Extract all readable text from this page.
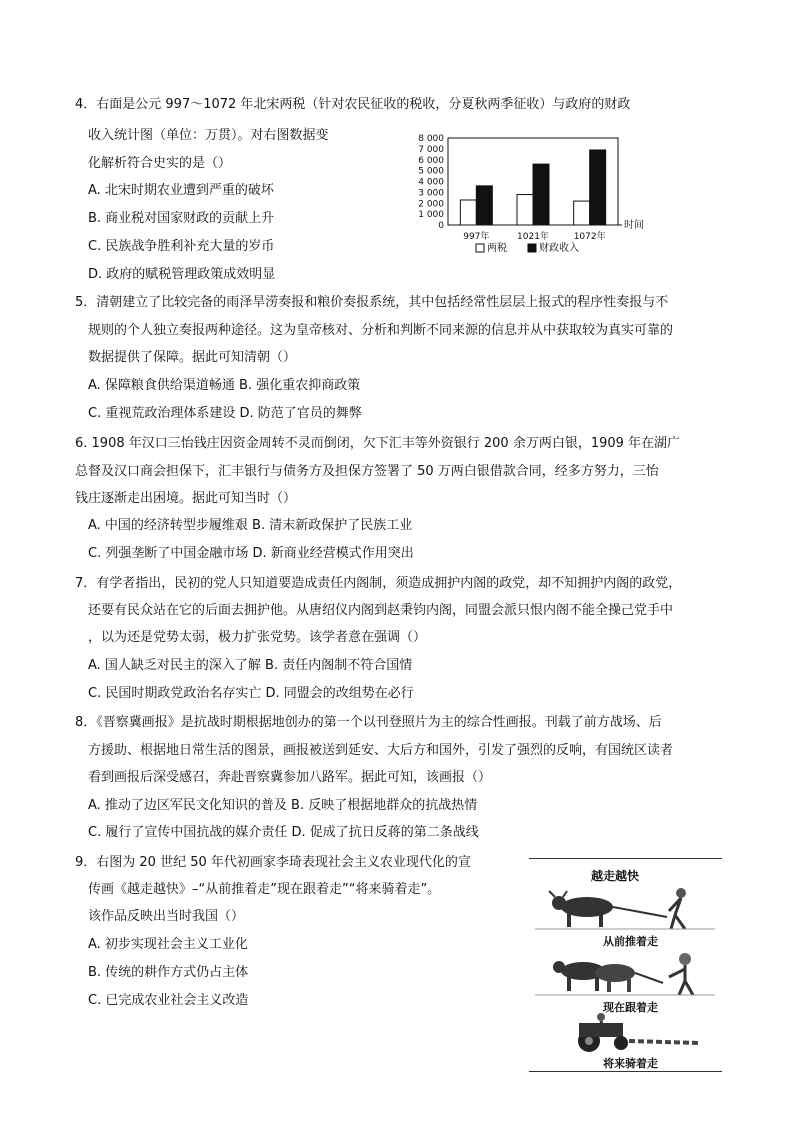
4．右面是公元 997～1072 年北宋两税（针对农民征收的税收，分夏秋两季征收）与政府的财政
收入统计图（单位：万贯）。对右图数据变
化解析符合史实的是（）
A. 北宋时期农业遭到严重的破坏
B. 商业税对国家财政的贡献上升
C. 民族战争胜利补充大量的岁币
D. 政府的赋税管理政策成效明显
8 000
7 000
6 000
5 000
4 000
3 000
2 000
1 000
0	时间
997年	1021年	1072年
两税	财政收入
5．清朝建立了比较完备的雨泽旱涝奏报和粮价奏报系统，其中包括经常性层层上报式的程序性奏报与不
规则的个人独立奏报两种途径。这为皇帝核对、分析和判断不同来源的信息并从中获取较为真实可靠的
数据提供了保障。据此可知清朝（）
A. 保障粮食供给渠道畅通 B. 强化重农抑商政策
C. 重视荒政治理体系建设 D. 防范了官员的舞弊
6. 1908 年汉口三怡钱庄因资金周转不灵而倒闭，欠下汇丰等外资银行 200 余万两白银，1909 年在湖广
总督及汉口商会担保下，汇丰银行与债务方及担保方签署了 50 万两白银借款合同，经多方努力，三怡
钱庄逐渐走出困境。据此可知当时（）
A. 中国的经济转型步履维艰 B. 清末新政保护了民族工业
C. 列强垄断了中国金融市场 D. 新商业经营模式作用突出
7．有学者指出，民初的党人只知道要造成责任内阁制，须造成拥护内阁的政党，却不知拥护内阁的政党，
还要有民众站在它的后面去拥护他。从唐绍仪内阁到赵秉钧内阁，同盟会派只恨内阁不能全操己党手中
，以为还是党势太弱，极力扩张党势。该学者意在强调（）
A. 国人缺乏对民主的深入了解 B. 责任内阁制不符合国情
C. 民国时期政党政治名存实亡 D. 同盟会的改组势在必行
8．《晋察冀画报》是抗战时期根据地创办的第一个以刊登照片为主的综合性画报。刊载了前方战场、后
方援助、根据地日常生活的图景，画报被送到延安、大后方和国外，引发了强烈的反响，有国统区读者
看到画报后深受感召，奔赴晋察冀参加八路军。据此可知，该画报（）
A. 推动了边区军民文化知识的普及 B. 反映了根据地群众的抗战热情
C. 履行了宣传中国抗战的媒介责任 D. 促成了抗日反蒋的第二条战线
9．右图为 20 世纪 50 年代初画家李琦表现社会主义农业现代化的宣
传画《越走越快》–“从前推着走”现在跟着走”“将来骑着走”。
该作品反映出当时我国（）
A. 初步实现社会主义工业化
B. 传统的耕作方式仍占主体
C. 已完成农业社会主义改造
越走越快
从前推着走
现在跟着走
将来骑着走
